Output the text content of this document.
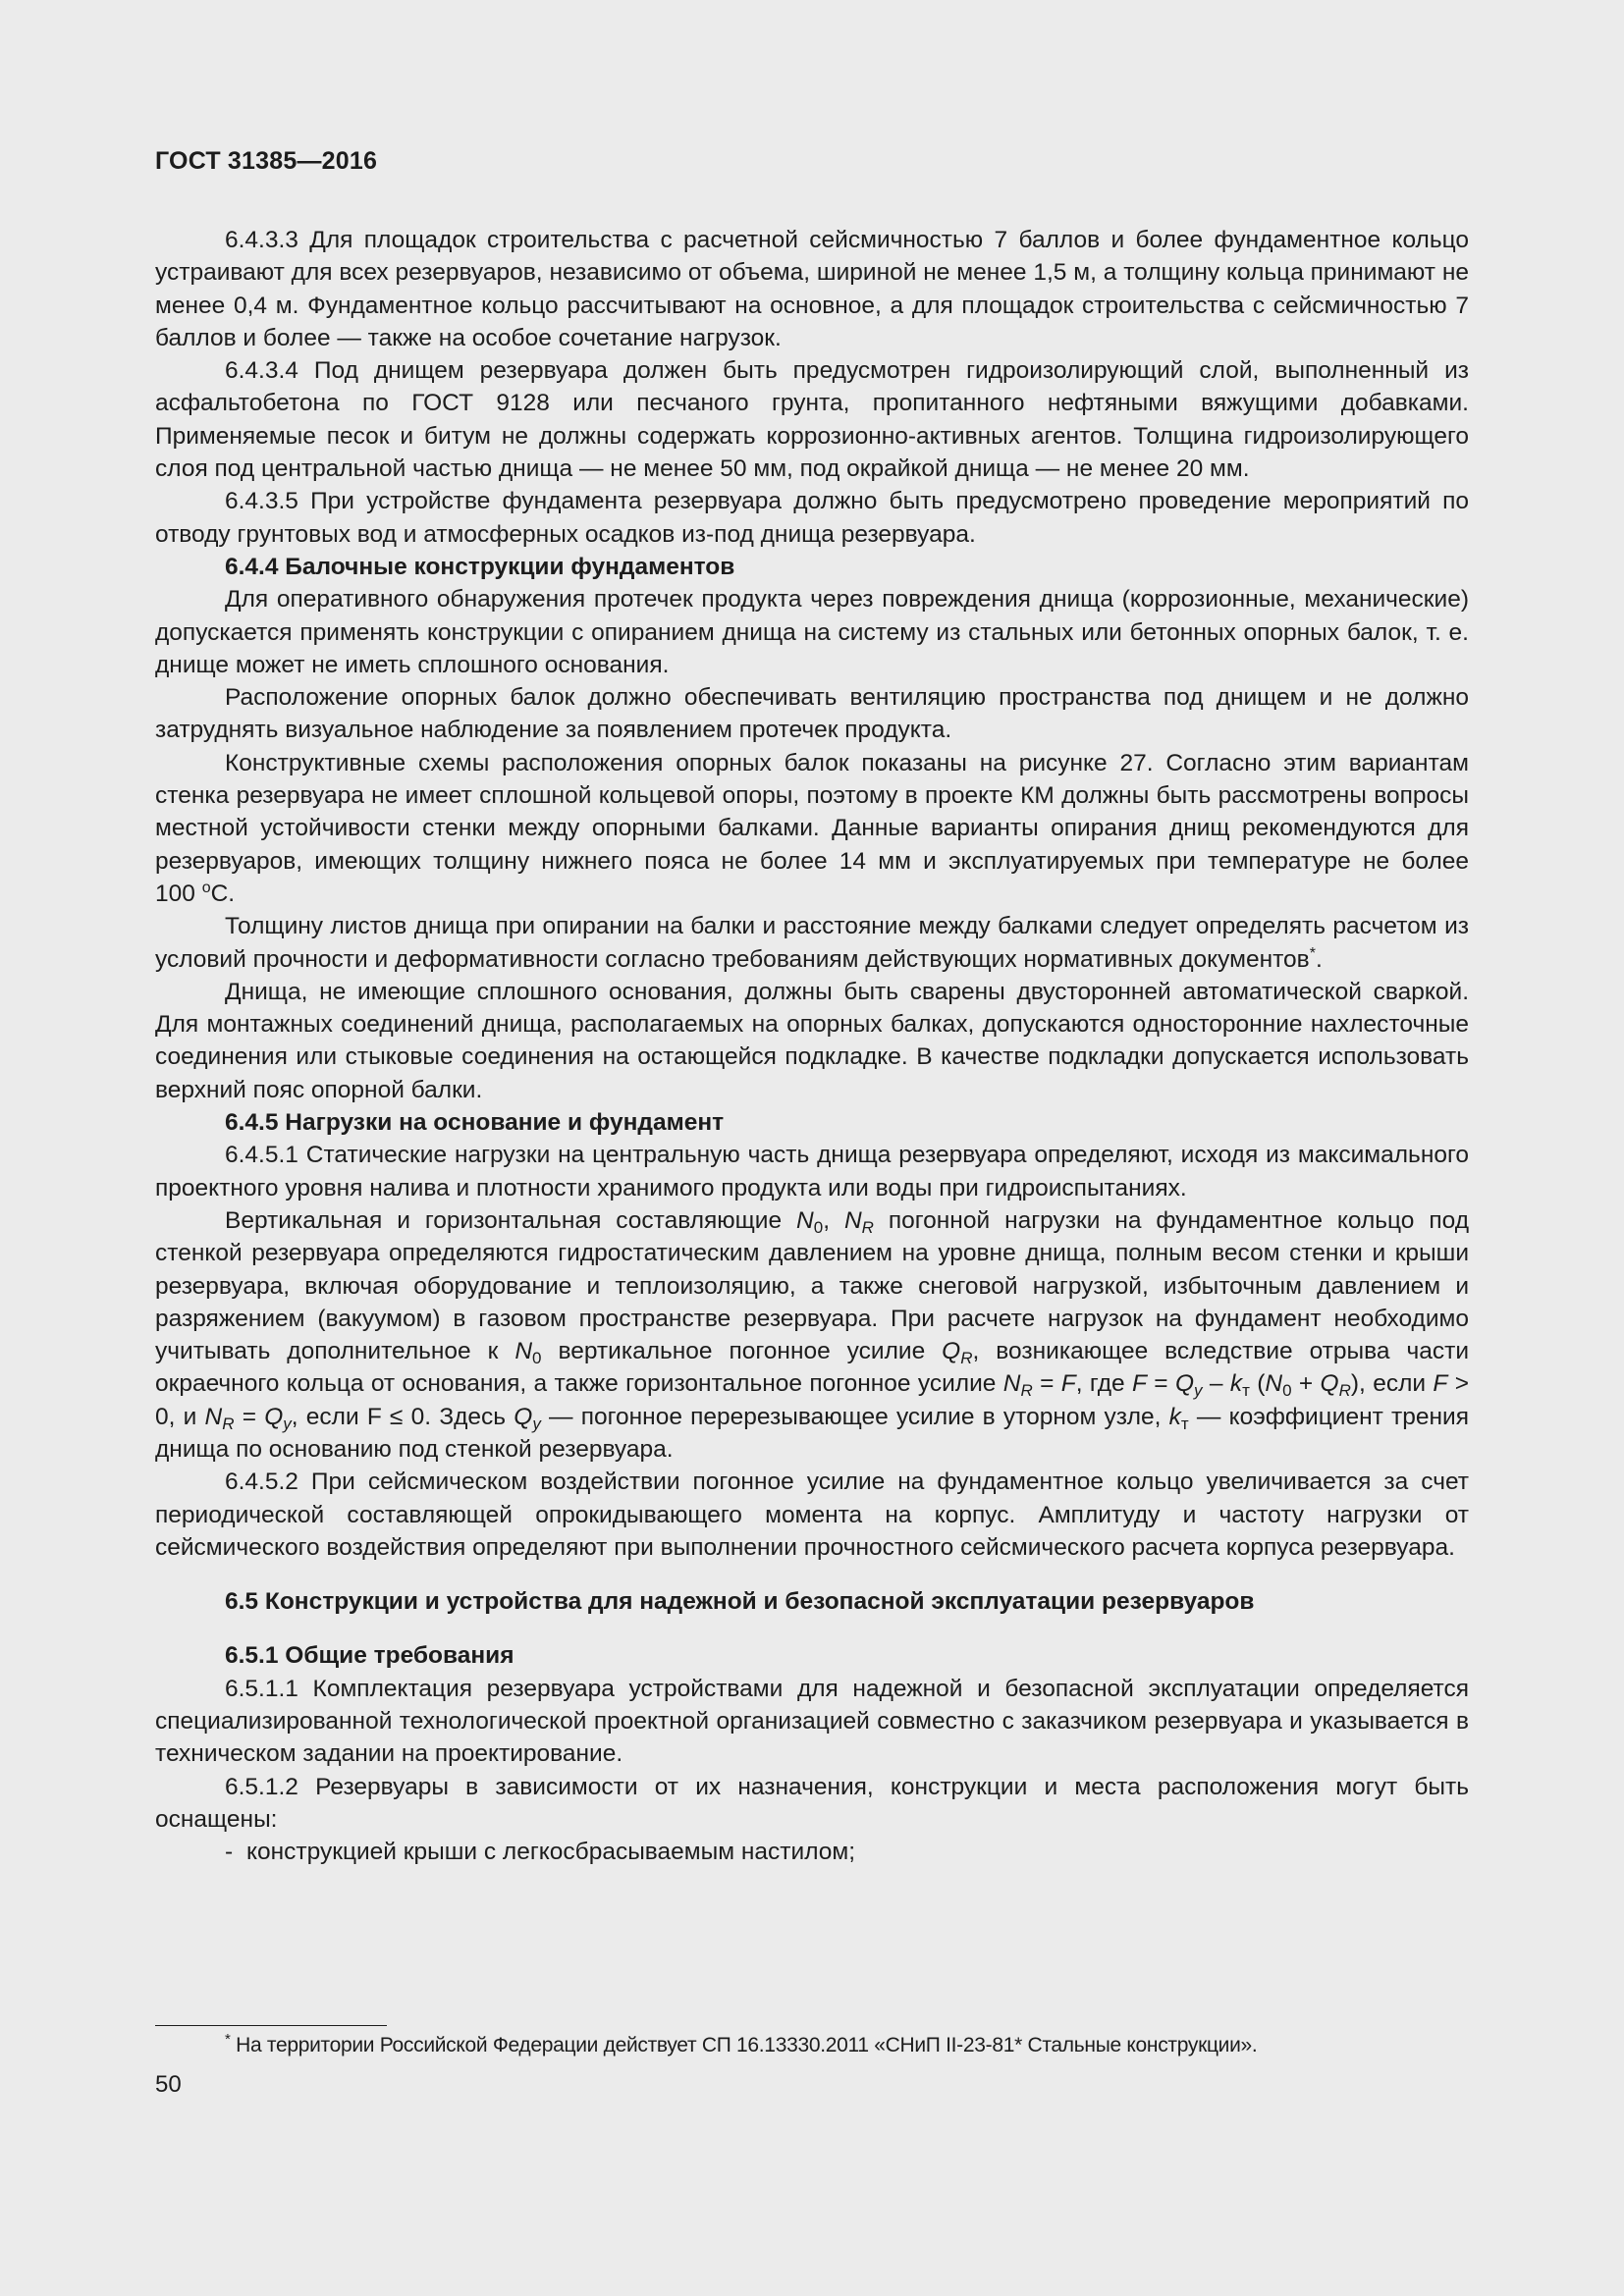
ГОСТ 31385—2016

6.4.3.3 Для площадок строительства с расчетной сейсмичностью 7 баллов и более фундаментное кольцо устраивают для всех резервуаров, независимо от объема, шириной не менее 1,5 м, а толщину кольца принимают не менее 0,4 м. Фундаментное кольцо рассчитывают на основное, а для площадок строительства с сейсмичностью 7 баллов и более — также на особое сочетание нагрузок.

6.4.3.4 Под днищем резервуара должен быть предусмотрен гидроизолирующий слой, выполненный из асфальтобетона по ГОСТ 9128 или песчаного грунта, пропитанного нефтяными вяжущими добавками. Применяемые песок и битум не должны содержать коррозионно-активных агентов. Толщина гидроизолирующего слоя под центральной частью днища — не менее 50 мм, под окрайкой днища — не менее 20 мм.

6.4.3.5 При устройстве фундамента резервуара должно быть предусмотрено проведение мероприятий по отводу грунтовых вод и атмосферных осадков из-под днища резервуара.

6.4.4 Балочные конструкции фундаментов

Для оперативного обнаружения протечек продукта через повреждения днища (коррозионные, механические) допускается применять конструкции с опиранием днища на систему из стальных или бетонных опорных балок, т. е. днище может не иметь сплошного основания.

Расположение опорных балок должно обеспечивать вентиляцию пространства под днищем и не должно затруднять визуальное наблюдение за появлением протечек продукта.

Конструктивные схемы расположения опорных балок показаны на рисунке 27. Согласно этим вариантам стенка резервуара не имеет сплошной кольцевой опоры, поэтому в проекте КМ должны быть рассмотрены вопросы местной устойчивости стенки между опорными балками. Данные варианты опирания днищ рекомендуются для резервуаров, имеющих толщину нижнего пояса не более 14 мм и эксплуатируемых при температуре не более 100 $^o$C.

Толщину листов днища при опирании на балки и расстояние между балками следует определять расчетом из условий прочности и деформативности согласно требованиям действующих нормативных документов*.

Днища, не имеющие сплошного основания, должны быть сварены двусторонней автоматической сваркой. Для монтажных соединений днища, располагаемых на опорных балках, допускаются односторонние нахлесточные соединения или стыковые соединения на остающейся подкладке. В качестве подкладки допускается использовать верхний пояс опорной балки.

6.4.5 Нагрузки на основание и фундамент

6.4.5.1 Статические нагрузки на центральную часть днища резервуара определяют, исходя из максимального проектного уровня налива и плотности хранимого продукта или воды при гидроиспытаниях.

Вертикальная и горизонтальная составляющие $N_0$, $N_R$ погонной нагрузки на фундаментное кольцо под стенкой резервуара определяются гидростатическим давлением на уровне днища, полным весом стенки и крыши резервуара, включая оборудование и теплоизоляцию, а также снеговой нагрузкой, избыточным давлением и разряжением (вакуумом) в газовом пространстве резервуара. При расчете нагрузок на фундамент необходимо учитывать дополнительное к $N_0$ вертикальное погонное усилие $Q_R$, возникающее вследствие отрыва части окраечного кольца от основания, а также горизонтальное погонное усилие $N_R = F$, где $F = Q_y - k_т$ $(N_0 + Q_R)$, если F > 0, и $N_R = Q_y$, если F ≤ 0. Здесь $Q_y$ — погонное перерезывающее усилие в уторном узле, $k_т$ — коэффициент трения днища по основанию под стенкой резервуара.

6.4.5.2 При сейсмическом воздействии погонное усилие на фундаментное кольцо увеличивается за счет периодической составляющей опрокидывающего момента на корпус. Амплитуду и частоту нагрузки от сейсмического воздействия определяют при выполнении прочностного сейсмического расчета корпуса резервуара.

6.5 Конструкции и устройства для надежной и безопасной эксплуатации резервуаров

6.5.1 Общие требования

6.5.1.1 Комплектация резервуара устройствами для надежной и безопасной эксплуатации определяется специализированной технологической проектной организацией совместно с заказчиком резервуара и указывается в техническом задании на проектирование.

6.5.1.2 Резервуары в зависимости от их назначения, конструкции и места расположения могут быть оснащены:

- конструкцией крыши с легкосбрасываемым настилом;

* На территории Российской Федерации действует СП 16.13330.2011 «СНиП II-23-81* Стальные конструкции».
50
